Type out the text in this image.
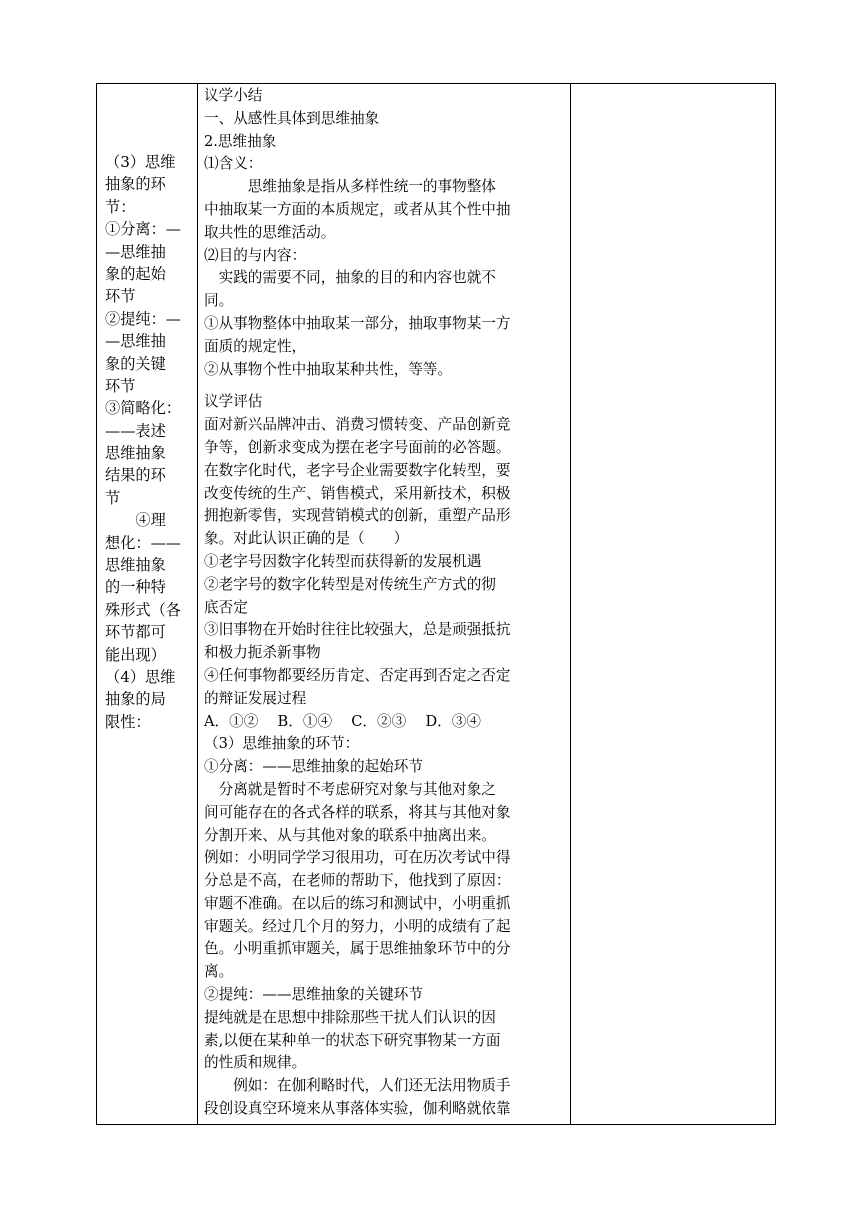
（3）思维
抽象的环
节：
①分离：—
—思维抽
象的起始
环节
②提纯：—
—思维抽
象的关键
环节
③简略化：
——表述
思维抽象
结果的环
节
　　④理
想化：——
思维抽象
的一种特
殊形式（各
环节都可
能出现）
（4）思维
抽象的局
限性：
议学小结
一、从感性具体到思维抽象
2.思维抽象
⑴含义：
　　　思维抽象是指从多样性统一的事物整体
中抽取某一方面的本质规定，或者从其个性中抽
取共性的思维活动。
⑵目的与内容：
　实践的需要不同，抽象的目的和内容也就不
同。
①从事物整体中抽取某一部分，抽取事物某一方
面质的规定性，
②从事物个性中抽取某种共性，等等。
议学评估
面对新兴品牌冲击、消费习惯转变、产品创新竞
争等，创新求变成为摆在老字号面前的必答题。
在数字化时代，老字号企业需要数字化转型，要
改变传统的生产、销售模式，采用新技术，积极
拥抱新零售，实现营销模式的创新，重塑产品形
象。对此认识正确的是（　　）
①老字号因数字化转型而获得新的发展机遇
②老字号的数字化转型是对传统生产方式的彻
底否定
③旧事物在开始时往往比较强大，总是顽强抵抗
和极力扼杀新事物
④任何事物都要经历肯定、否定再到否定之否定
的辩证发展过程
A．①②　 B．①④　 C．②③　 D．③④
（3）思维抽象的环节：
①分离：——思维抽象的起始环节
　分离就是暂时不考虑研究对象与其他对象之
间可能存在的各式各样的联系，将其与其他对象
分割开来、从与其他对象的联系中抽离出来。
例如：小明同学学习很用功，可在历次考试中得
分总是不高，在老师的帮助下，他找到了原因：
审题不准确。在以后的练习和测试中，小明重抓
审题关。经过几个月的努力，小明的成绩有了起
色。小明重抓审题关，属于思维抽象环节中的分
离。
②提纯：——思维抽象的关键环节
提纯就是在思想中排除那些干扰人们认识的因
素,以便在某种单一的状态下研究事物某一方面
的性质和规律。
　　例如：在伽利略时代，人们还无法用物质手
段创设真空环境来从事落体实验，伽利略就依靠
